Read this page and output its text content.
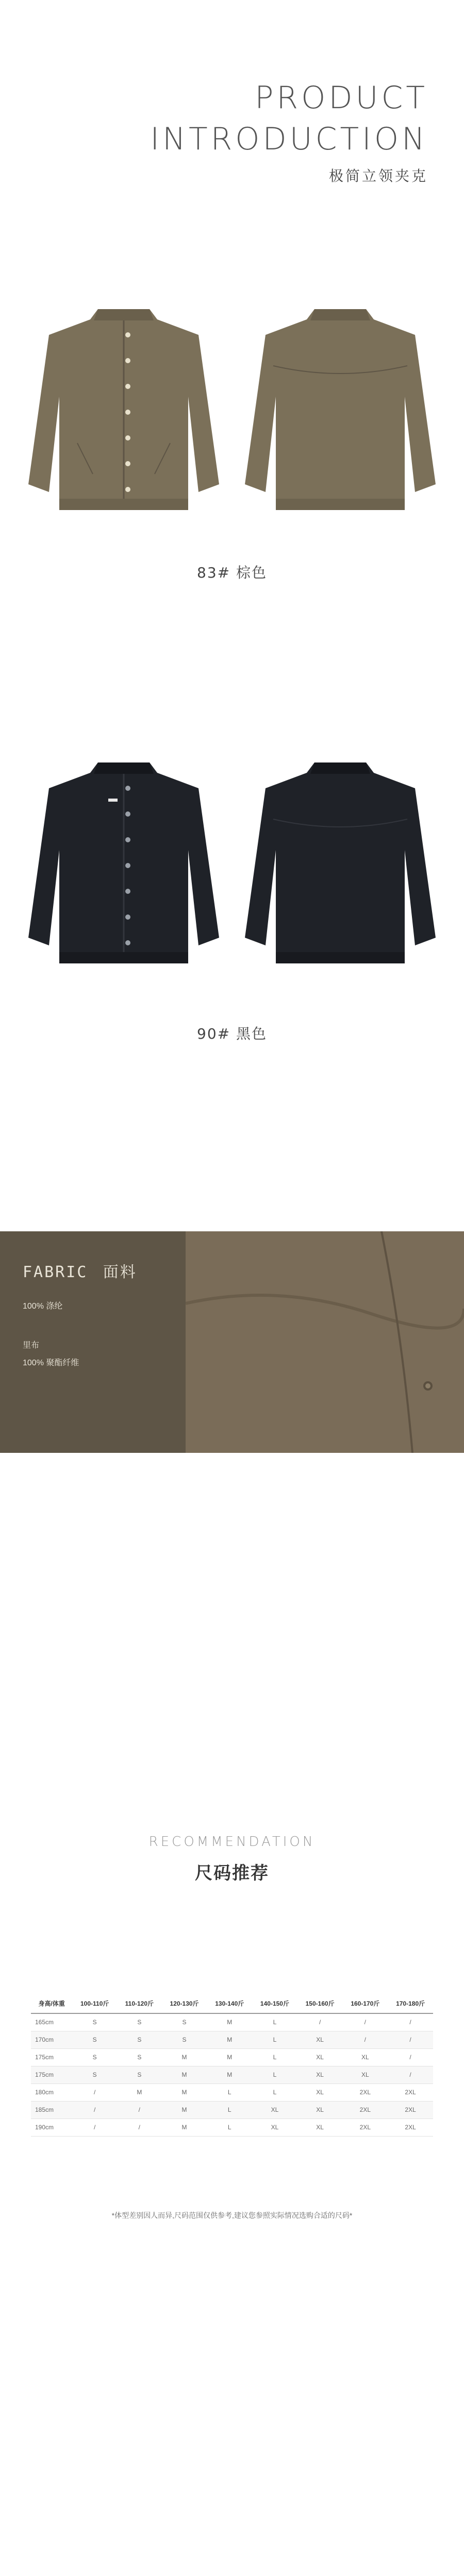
PRODUCT
INTRODUCTION
极简立领夹克
83# 棕色
90# 黑色
FABRIC 面料
100% 涤纶
里布
100% 聚酯纤维
RECOMMENDATION
尺码推荐
身高/体重	100-110斤	110-120斤	120-130斤	130-140斤	140-150斤	150-160斤	160-170斤	170-180斤
165cm	S	S	S	M	L	/	/	/
170cm	S	S	S	M	L	XL	/	/
175cm	S	S	M	M	L	XL	XL	/
175cm	S	S	M	M	L	XL	XL	/
180cm	/	M	M	L	L	XL	2XL	2XL
185cm	/	/	M	L	XL	XL	2XL	2XL
190cm	/	/	M	L	XL	XL	2XL	2XL
*体型差别因人而异,尺码范围仅供参考,建议您参照实际情况选购合适的尺码*
